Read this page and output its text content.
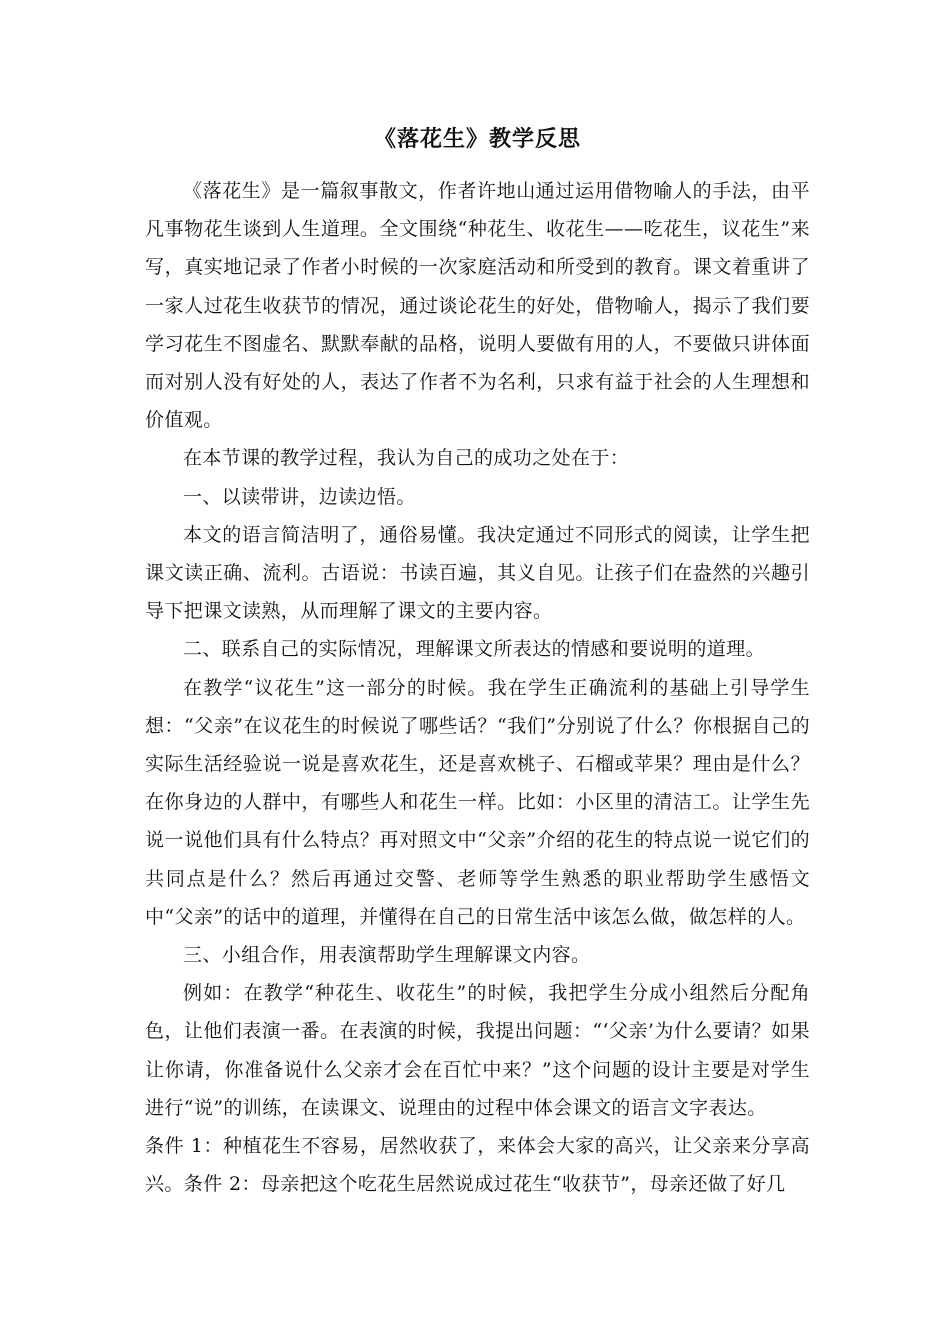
《落花生》教学反思

《落花生》是一篇叙事散文，作者许地山通过运用借物喻人的手法，由平凡事物花生谈到人生道理。全文围绕“种花生、收花生——吃花生，议花生”来写，真实地记录了作者小时候的一次家庭活动和所受到的教育。课文着重讲了一家人过花生收获节的情况，通过谈论花生的好处，借物喻人，揭示了我们要学习花生不图虚名、默默奉献的品格，说明人要做有用的人，不要做只讲体面而对别人没有好处的人，表达了作者不为名利，只求有益于社会的人生理想和价值观。

在本节课的教学过程，我认为自己的成功之处在于：

一、以读带讲，边读边悟。

本文的语言简洁明了，通俗易懂。我决定通过不同形式的阅读，让学生把课文读正确、流利。古语说：书读百遍，其义自见。让孩子们在盎然的兴趣引导下把课文读熟，从而理解了课文的主要内容。

二、联系自己的实际情况，理解课文所表达的情感和要说明的道理。

在教学“议花生”这一部分的时候。我在学生正确流利的基础上引导学生想：“父亲”在议花生的时候说了哪些话？“我们”分别说了什么？你根据自己的实际生活经验说一说是喜欢花生，还是喜欢桃子、石榴或苹果？理由是什么？在你身边的人群中，有哪些人和花生一样。比如：小区里的清洁工。让学生先说一说他们具有什么特点？再对照文中“父亲”介绍的花生的特点说一说它们的共同点是什么？然后再通过交警、老师等学生熟悉的职业帮助学生感悟文中“父亲”的话中的道理，并懂得在自己的日常生活中该怎么做，做怎样的人。

三、小组合作，用表演帮助学生理解课文内容。

例如：在教学“种花生、收花生”的时候，我把学生分成小组然后分配角色，让他们表演一番。在表演的时候，我提出问题：“‘父亲’为什么要请？如果让你请，你准备说什么父亲才会在百忙中来？”这个问题的设计主要是对学生进行“说”的训练，在读课文、说理由的过程中体会课文的语言文字表达。

条件 1：种植花生不容易，居然收获了，来体会大家的高兴，让父亲来分享高兴。条件 2：母亲把这个吃花生居然说成过花生“收获节”，母亲还做了好几
